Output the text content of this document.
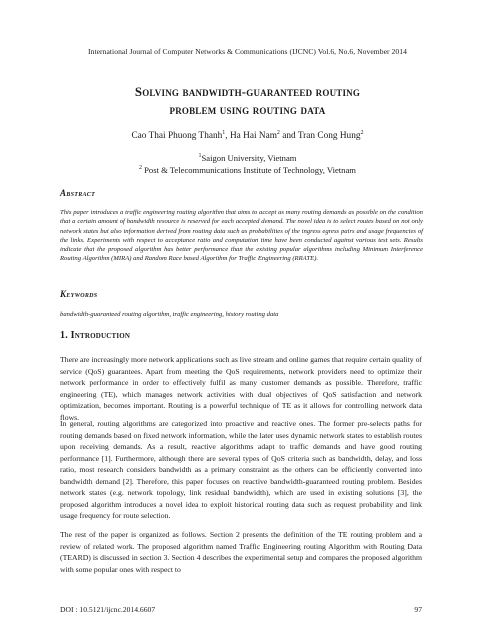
International Journal of Computer Networks & Communications (IJCNC) Vol.6, No.6, November 2014
Solving bandwidth-guaranteed routing
problem using routing data
Cao Thai Phuong Thanh$^1$, Ha Hai Nam$^2$ and Tran Cong Hung$^2$
$^1$Saigon University, Vietnam
$^2$ Post & Telecommunications Institute of Technology, Vietnam
Abstract
This paper introduces a traffic engineering routing algorithm that aims to accept as many routing demands as possible on the condition that a certain amount of bandwidth resource is reserved for each accepted demand. The novel idea is to select routes based on not only network states but also information derived from routing data such as probabilities of the ingress egress pairs and usage frequencies of the links. Experiments with respect to acceptance ratio and computation time have been conducted against various test sets. Results indicate that the proposed algorithm has better performance than the existing popular algorithms including Minimum Interference Routing Algorithm (MIRA) and Random Race based Algorithm for Traffic Engineering (RRATE).
Keywords
bandwidth-guaranteed routing algorithm, traffic engineering, history routing data
1. Introduction
There are increasingly more network applications such as live stream and online games that require certain quality of service (QoS) guarantees. Apart from meeting the QoS requirements, network providers need to optimize their network performance in order to effectively fulfil as many customer demands as possible. Therefore, traffic engineering (TE), which manages network activities with dual objectives of QoS satisfaction and network optimization, becomes important. Routing is a powerful technique of TE as it allows for controlling network data flows.
In general, routing algorithms are categorized into proactive and reactive ones. The former pre-selects paths for routing demands based on fixed network information, while the later uses dynamic network states to establish routes upon receiving demands. As a result, reactive algorithms adapt to traffic demands and have good routing performance [1]. Furthermore, although there are several types of QoS criteria such as bandwidth, delay, and loss ratio, most research considers bandwidth as a primary constraint as the others can be efficiently converted into bandwidth demand [2]. Therefore, this paper focuses on reactive bandwidth-guaranteed routing problem. Besides network states (e.g. network topology, link residual bandwidth), which are used in existing solutions [3], the proposed algorithm introduces a novel idea to exploit historical routing data such as request probability and link usage frequency for route selection.
The rest of the paper is organized as follows. Section 2 presents the definition of the TE routing problem and a review of related work. The proposed algorithm named Traffic Engineering routing Algorithm with Routing Data (TEARD) is discussed in section 3. Section 4 describes the experimental setup and compares the proposed algorithm with some popular ones with respect to
DOI : 10.5121/ijcnc.2014.6607	97
